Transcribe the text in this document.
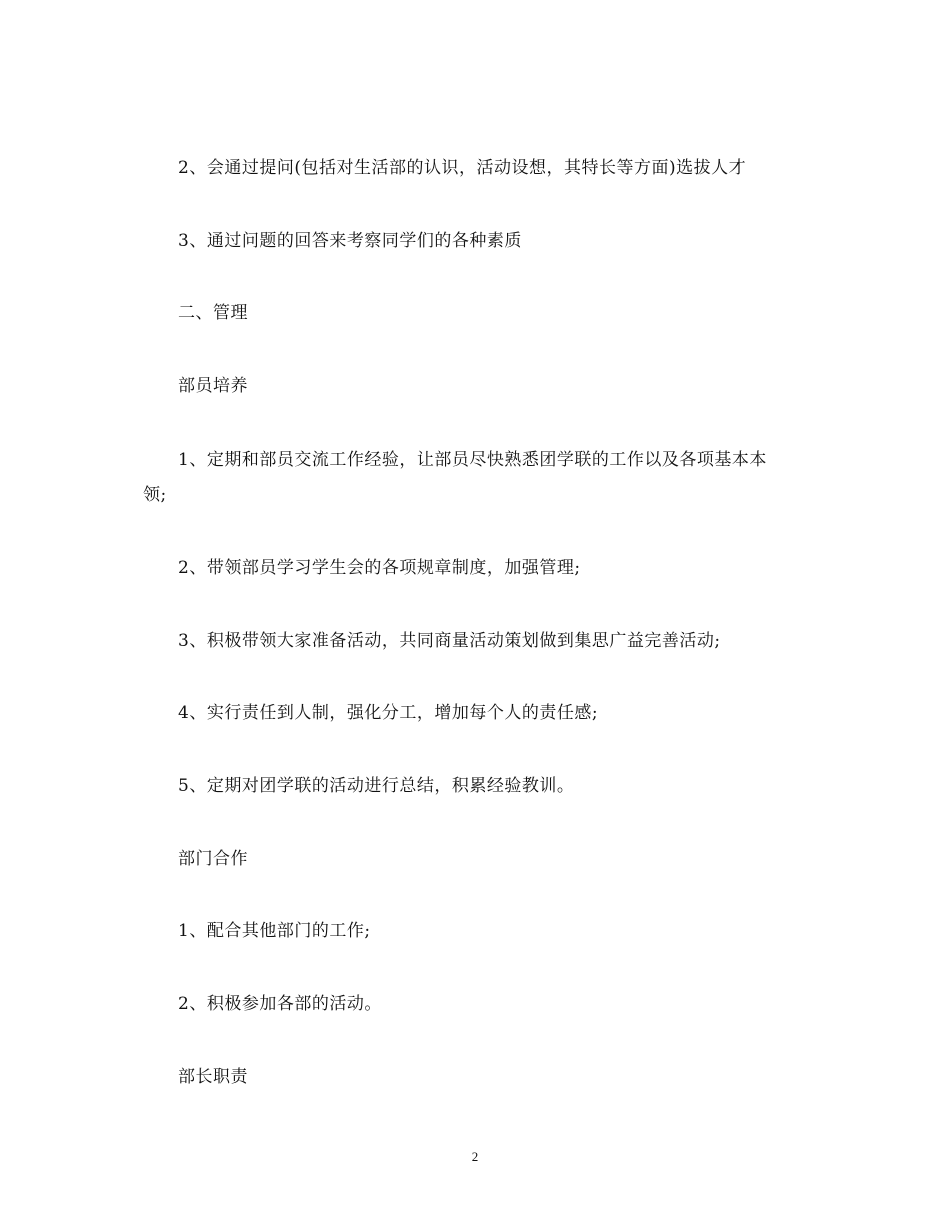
2、会通过提问(包括对生活部的认识，活动设想，其特长等方面)选拔人才
3、通过问题的回答来考察同学们的各种素质
二、管理
部员培养
1、定期和部员交流工作经验，让部员尽快熟悉团学联的工作以及各项基本本
领;
2、带领部员学习学生会的各项规章制度，加强管理;
3、积极带领大家准备活动，共同商量活动策划做到集思广益完善活动;
4、实行责任到人制，强化分工，增加每个人的责任感;
5、定期对团学联的活动进行总结，积累经验教训。
部门合作
1、配合其他部门的工作;
2、积极参加各部的活动。
部长职责
2
